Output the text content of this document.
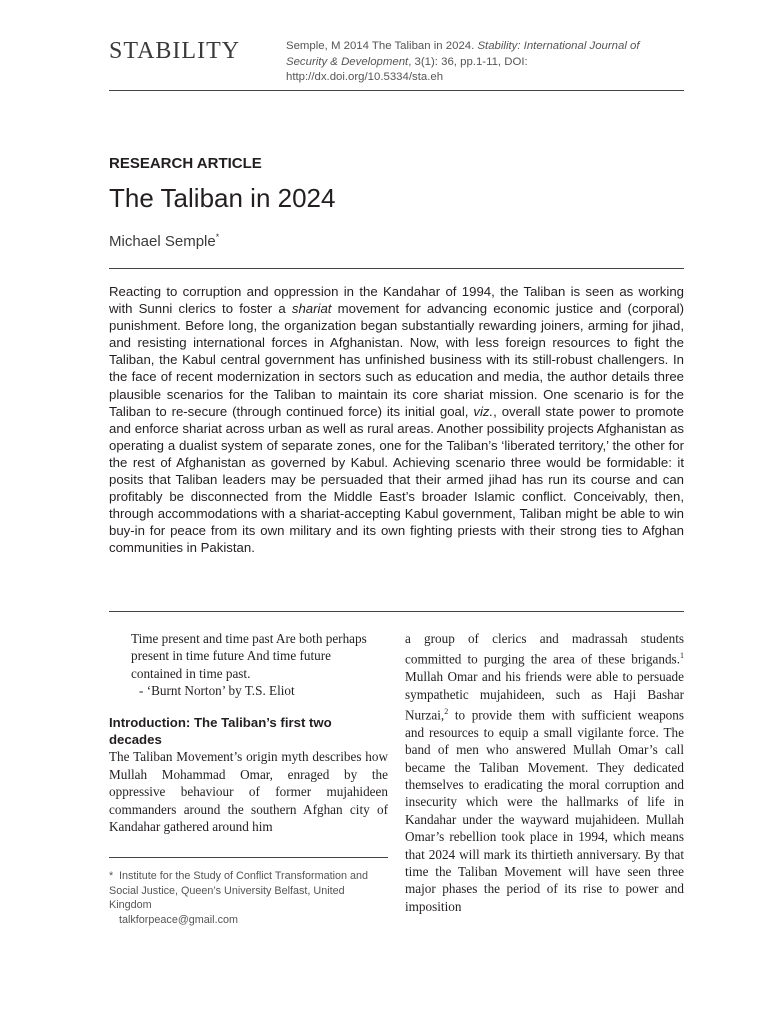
STABILITY	Semple, M 2014 The Taliban in 2024. Stability: International Journal of Security & Development, 3(1): 36, pp.1-11, DOI: http://dx.doi.org/10.5334/sta.eh
RESEARCH ARTICLE
The Taliban in 2024
Michael Semple*
Reacting to corruption and oppression in the Kandahar of 1994, the Taliban is seen as working with Sunni clerics to foster a shariat movement for advancing economic justice and (corporal) punishment. Before long, the organization began substantially rewarding joiners, arming for jihad, and resisting international forces in Afghanistan. Now, with less foreign resources to fight the Taliban, the Kabul central government has unfinished business with its still-robust challengers. In the face of recent modernization in sectors such as education and media, the author details three plausible scenarios for the Taliban to maintain its core shariat mission. One scenario is for the Taliban to re-secure (through continued force) its initial goal, viz., overall state power to promote and enforce shariat across urban as well as rural areas. Another possibility projects Afghanistan as operating a dualist system of separate zones, one for the Taliban’s ‘liberated territory,’ the other for the rest of Afghanistan as governed by Kabul. Achieving scenario three would be formidable: it posits that Taliban leaders may be persuaded that their armed jihad has run its course and can profitably be disconnected from the Middle East’s broader Islamic conflict. Conceivably, then, through accommodations with a shariat-accepting Kabul government, Taliban might be able to win buy-in for peace from its own military and its own fighting priests with their strong ties to Afghan communities in Pakistan.
Time present and time past Are both perhaps present in time future And time future contained in time past.
- ‘Burnt Norton’ by T.S. Eliot
Introduction: The Taliban’s first two decades
The Taliban Movement’s origin myth describes how Mullah Mohammad Omar, enraged by the oppressive behaviour of former mujahideen commanders around the southern Afghan city of Kandahar gathered around him
a group of clerics and madrassah students committed to purging the area of these brigands.$^1$ Mullah Omar and his friends were able to persuade sympathetic mujahideen, such as Haji Bashar Nurzai,$^2$ to provide them with sufficient weapons and resources to equip a small vigilante force. The band of men who answered Mullah Omar’s call became the Taliban Movement. They dedicated themselves to eradicating the moral corruption and insecurity which were the hallmarks of life in Kandahar under the wayward mujahideen. Mullah Omar’s rebellion took place in 1994, which means that 2024 will mark its thirtieth anniversary. By that time the Taliban Movement will have seen three major phases the period of its rise to power and imposition
* Institute for the Study of Conflict Transformation and Social Justice, Queen’s University Belfast, United Kingdom
talkforpeace@gmail.com
